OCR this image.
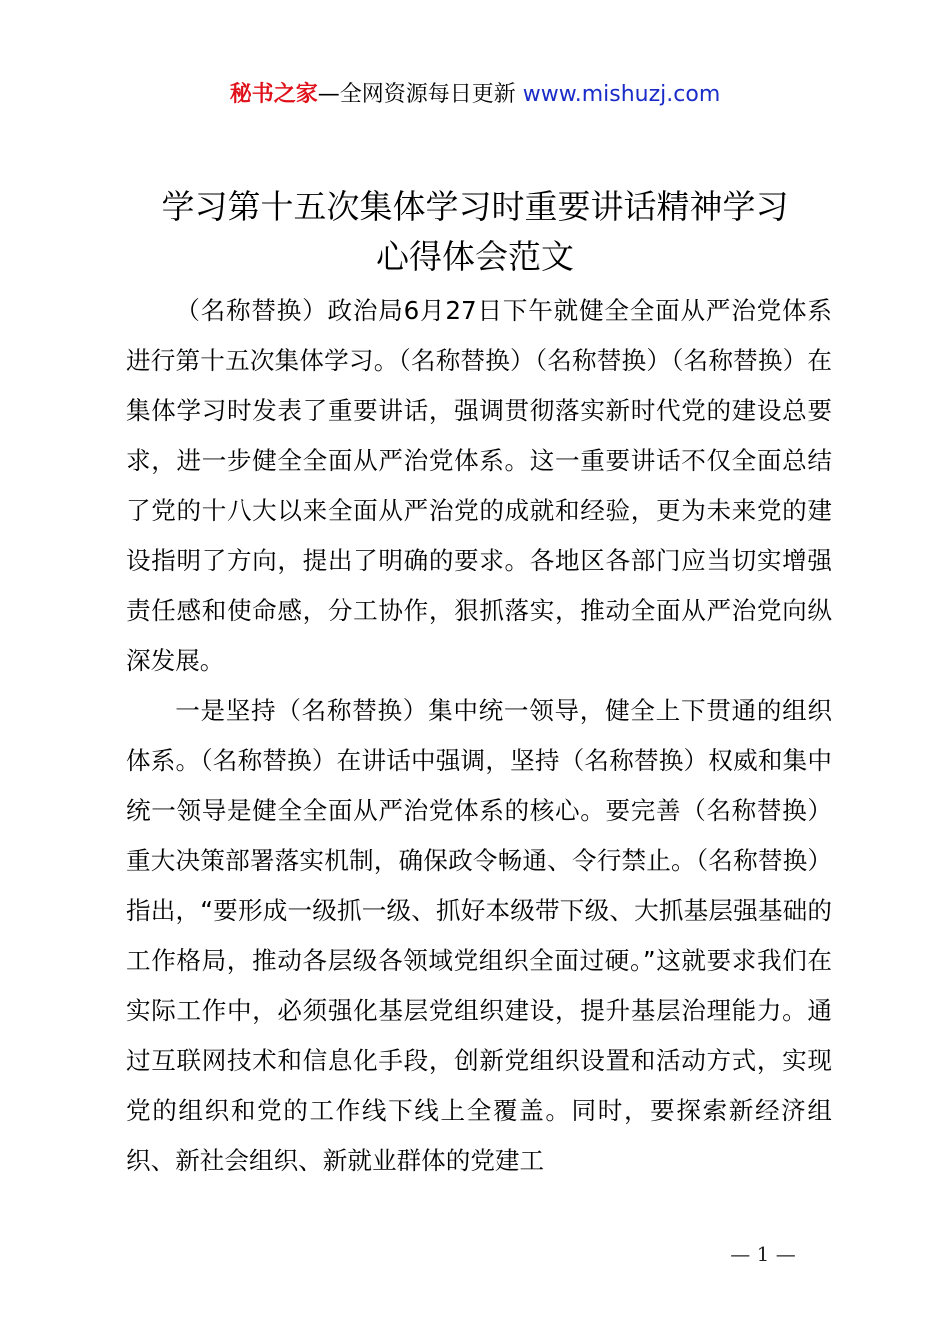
秘书之家—全网资源每日更新 www.mishuzj.com
学习第十五次集体学习时重要讲话精神学习
心得体会范文

（名称替换）政治局6月27日下午就健全全面从严治党体系进行第十五次集体学习。（名称替换）（名称替换）（名称替换）在集体学习时发表了重要讲话，强调贯彻落实新时代党的建设总要求，进一步健全全面从严治党体系。这一重要讲话不仅全面总结了党的十八大以来全面从严治党的成就和经验，更为未来党的建设指明了方向，提出了明确的要求。各地区各部门应当切实增强责任感和使命感，分工协作，狠抓落实，推动全面从严治党向纵深发展。

一是坚持（名称替换）集中统一领导，健全上下贯通的组织体系。（名称替换）在讲话中强调，坚持（名称替换）权威和集中统一领导是健全全面从严治党体系的核心。要完善（名称替换）重大决策部署落实机制，确保政令畅通、令行禁止。（名称替换）指出，“要形成一级抓一级、抓好本级带下级、大抓基层强基础的工作格局，推动各层级各领域党组织全面过硬。”这就要求我们在实际工作中，必须强化基层党组织建设，提升基层治理能力。通过互联网技术和信息化手段，创新党组织设置和活动方式，实现党的组织和党的工作线下线上全覆盖。同时，要探索新经济组织、新社会组织、新就业群体的党建工

— 1 —
